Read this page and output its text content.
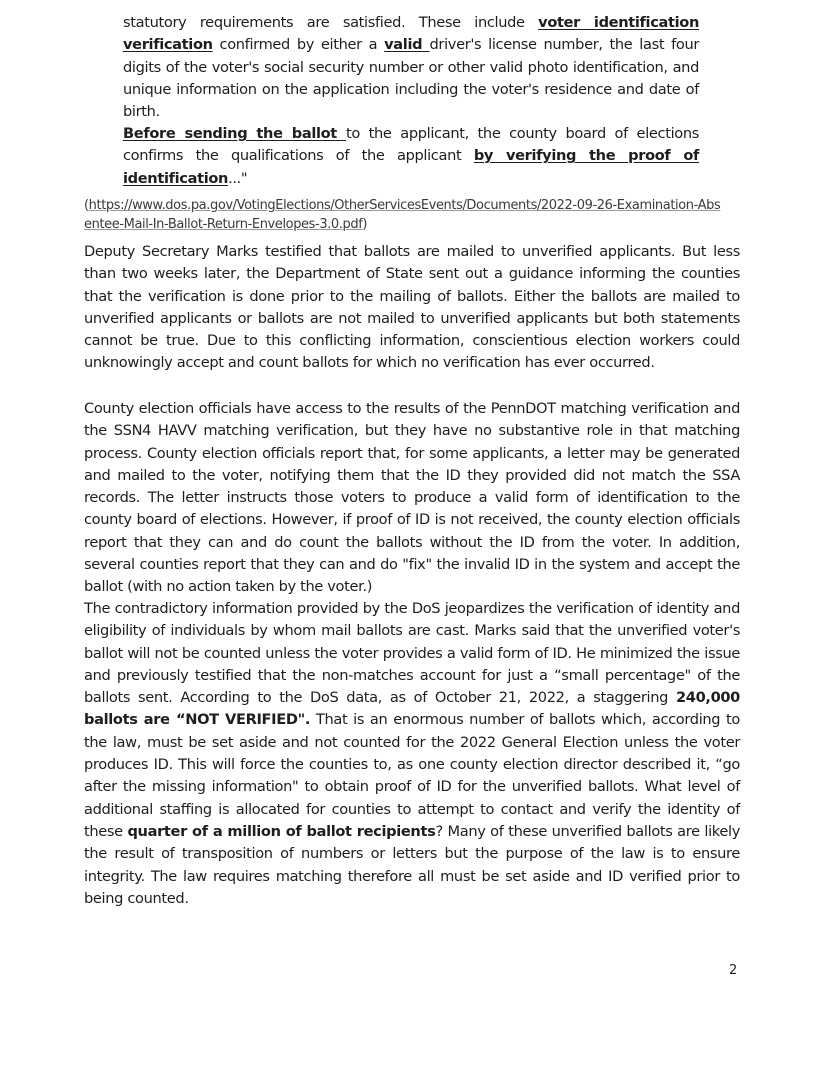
statutory requirements are satisfied. These include voter identification verification confirmed by either a valid driver's license number, the last four digits of the voter's social security number or other valid photo identification, and unique information on the application including the voter's residence and date of birth.

Before sending the ballot to the applicant, the county board of elections confirms the qualifications of the applicant by verifying the proof of identification..."

(https://www.dos.pa.gov/VotingElections/OtherServicesEvents/Documents/2022-09-26-Examination-Absentee-Mail-In-Ballot-Return-Envelopes-3.0.pdf)

Deputy Secretary Marks testified that ballots are mailed to unverified applicants. But less than two weeks later, the Department of State sent out a guidance informing the counties that the verification is done prior to the mailing of ballots. Either the ballots are mailed to unverified applicants or ballots are not mailed to unverified applicants but both statements cannot be true. Due to this conflicting information, conscientious election workers could unknowingly accept and count ballots for which no verification has ever occurred.

County election officials have access to the results of the PennDOT matching verification and the SSN4 HAVV matching verification, but they have no substantive role in that matching process. County election officials report that, for some applicants, a letter may be generated and mailed to the voter, notifying them that the ID they provided did not match the SSA records. The letter instructs those voters to produce a valid form of identification to the county board of elections. However, if proof of ID is not received, the county election officials report that they can and do count the ballots without the ID from the voter. In addition, several counties report that they can and do "fix" the invalid ID in the system and accept the ballot (with no action taken by the voter.)

The contradictory information provided by the DoS jeopardizes the verification of identity and eligibility of individuals by whom mail ballots are cast. Marks said that the unverified voter's ballot will not be counted unless the voter provides a valid form of ID. He minimized the issue and previously testified that the non-matches account for just a “small percentage" of the ballots sent. According to the DoS data, as of October 21, 2022, a staggering 240,000 ballots are “NOT VERIFIED". That is an enormous number of ballots which, according to the law, must be set aside and not counted for the 2022 General Election unless the voter produces ID. This will force the counties to, as one county election director described it, “go after the missing information" to obtain proof of ID for the unverified ballots. What level of additional staffing is allocated for counties to attempt to contact and verify the identity of these quarter of a million of ballot recipients? Many of these unverified ballots are likely the result of transposition of numbers or letters but the purpose of the law is to ensure integrity. The law requires matching therefore all must be set aside and ID verified prior to being counted.

2
